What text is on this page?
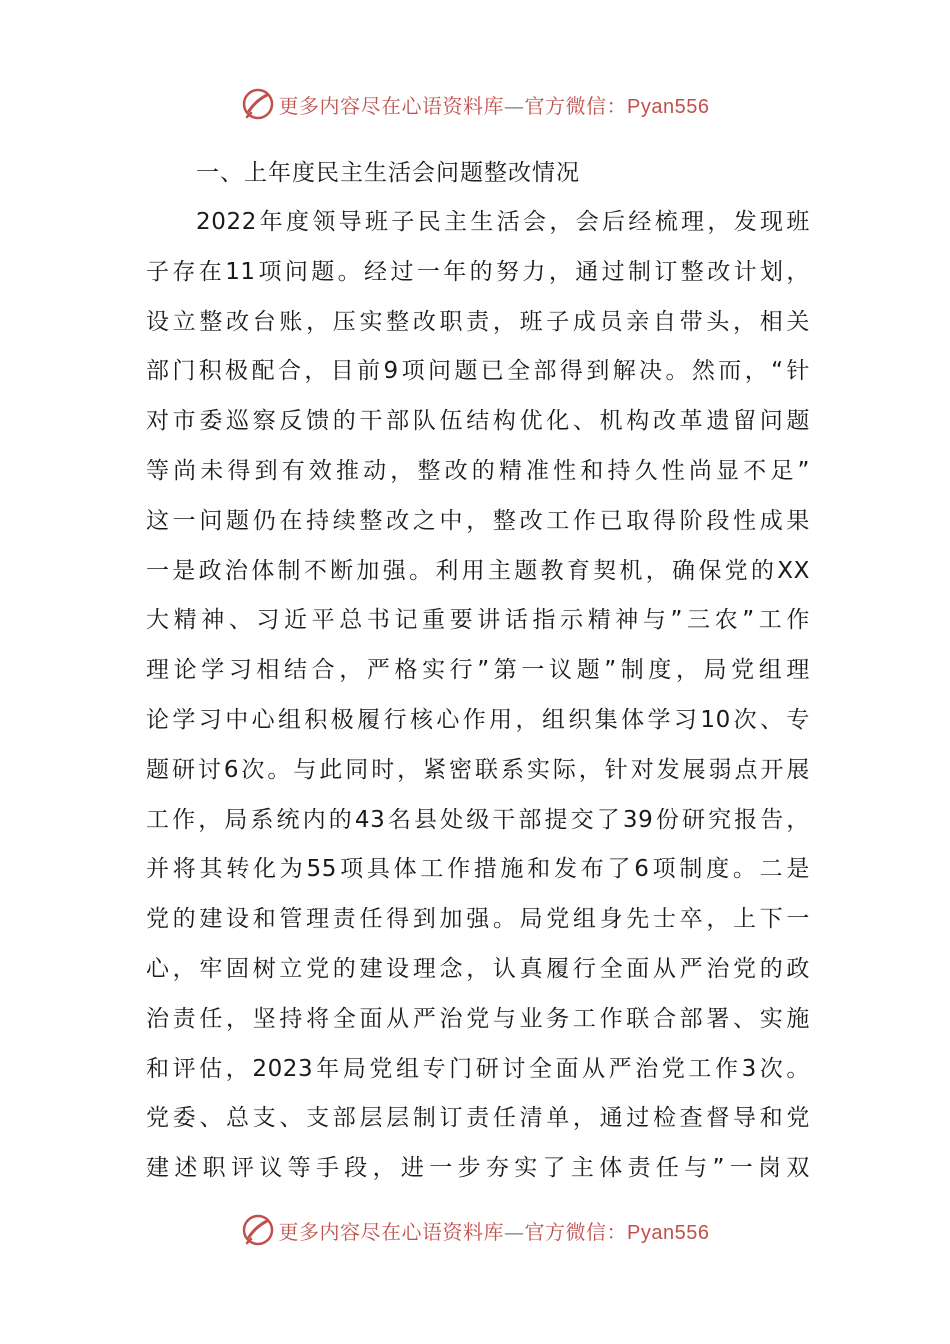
更多内容尽在心语资料库—官方微信：Pyan556

一、上年度民主生活会问题整改情况

2022年度领导班子民主生活会，会后经梳理，发现班

子存在11项问题。经过一年的努力，通过制订整改计划，

设立整改台账，压实整改职责，班子成员亲自带头，相关

部门积极配合，目前9项问题已全部得到解决。然而，“针

对市委巡察反馈的干部队伍结构优化、机构改革遗留问题

等尚未得到有效推动，整改的精准性和持久性尚显不足”

这一问题仍在持续整改之中，整改工作已取得阶段性成果

一是政治体制不断加强。利用主题教育契机，确保党的XX

大精神、习近平总书记重要讲话指示精神与”三农”工作

理论学习相结合，严格实行”第一议题”制度，局党组理

论学习中心组积极履行核心作用，组织集体学习10次、专

题研讨6次。与此同时，紧密联系实际，针对发展弱点开展

工作，局系统内的43名县处级干部提交了39份研究报告，

并将其转化为55项具体工作措施和发布了6项制度。二是

党的建设和管理责任得到加强。局党组身先士卒，上下一

心，牢固树立党的建设理念，认真履行全面从严治党的政

治责任，坚持将全面从严治党与业务工作联合部署、实施

和评估，2023年局党组专门研讨全面从严治党工作3次。

党委、总支、支部层层制订责任清单，通过检查督导和党

建述职评议等手段，进一步夯实了主体责任与”一岗双

更多内容尽在心语资料库—官方微信：Pyan556
